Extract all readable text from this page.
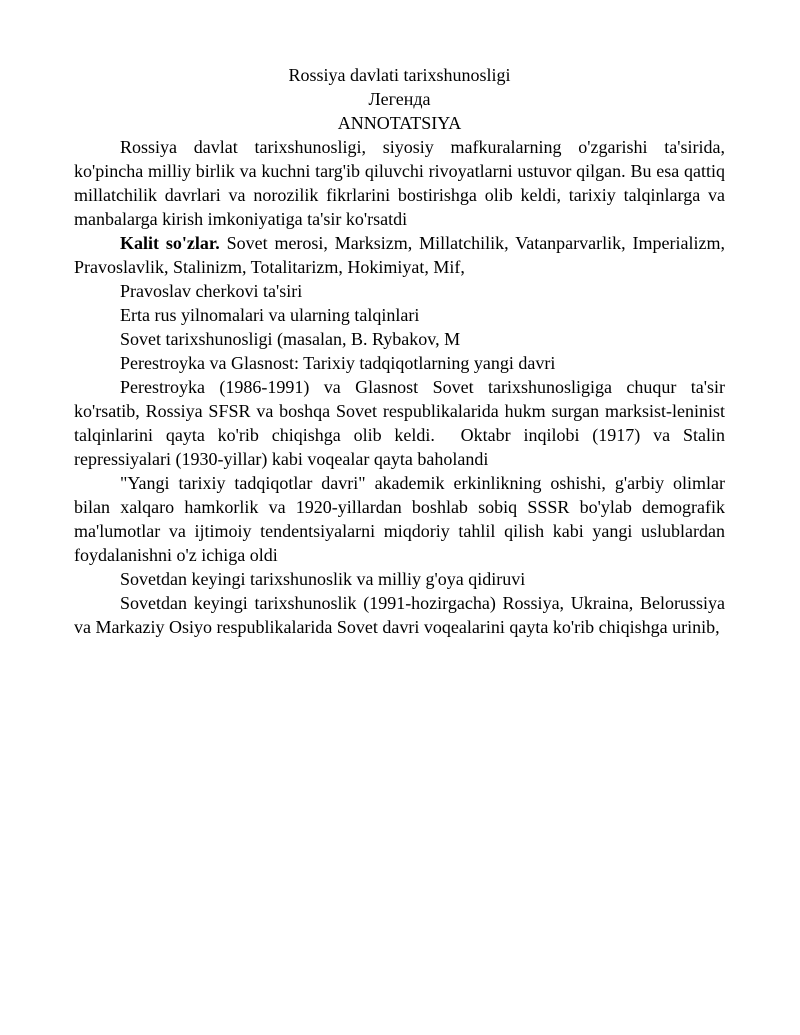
Rossiya davlati tarixshunosligi
Легенда
ANNOTATSIYA

Rossiya davlat tarixshunosligi, siyosiy mafkuralarning o'zgarishi ta'sirida, ko'pincha milliy birlik va kuchni targ'ib qiluvchi rivoyatlarni ustuvor qilgan. Bu esa qattiq millatchilik davrlari va norozilik fikrlarini bostirishga olib keldi, tarixiy talqinlarga va manbalarga kirish imkoniyatiga ta'sir ko'rsatdi

Kalit so'zlar. Sovet merosi, Marksizm, Millatchilik, Vatanparvarlik, Imperializm, Pravoslavlik, Stalinizm, Totalitarizm, Hokimiyat, Mif,

Pravoslav cherkovi ta'siri
Erta rus yilnomalari va ularning talqinlari

Sovet tarixshunosligi (masalan, B. Rybakov, M

Perestroyka va Glasnost: Tarixiy tadqiqotlarning yangi davri

Perestroyka (1986-1991) va Glasnost Sovet tarixshunosligiga chuqur ta'sir ko'rsatib, Rossiya SFSR va boshqa Sovet respublikalarida hukm surgan marksist-leninist talqinlarini qayta ko'rib chiqishga olib keldi.  Oktabr inqilobi (1917) va Stalin repressiyalari (1930-yillar) kabi voqealar qayta baholandi

"Yangi tarixiy tadqiqotlar davri" akademik erkinlikning oshishi, g'arbiy olimlar bilan xalqaro hamkorlik va 1920-yillardan boshlab sobiq SSSR bo'ylab demografik ma'lumotlar va ijtimoiy tendentsiyalarni miqdoriy tahlil qilish kabi yangi uslublardan foydalanishni o'z ichiga oldi

Sovetdan keyingi tarixshunoslik va milliy g'oya qidiruvi

Sovetdan keyingi tarixshunoslik (1991-hozirgacha) Rossiya, Ukraina, Belorussiya va Markaziy Osiyo respublikalarida Sovet davri voqealarini qayta ko'rib chiqishga urinib,
